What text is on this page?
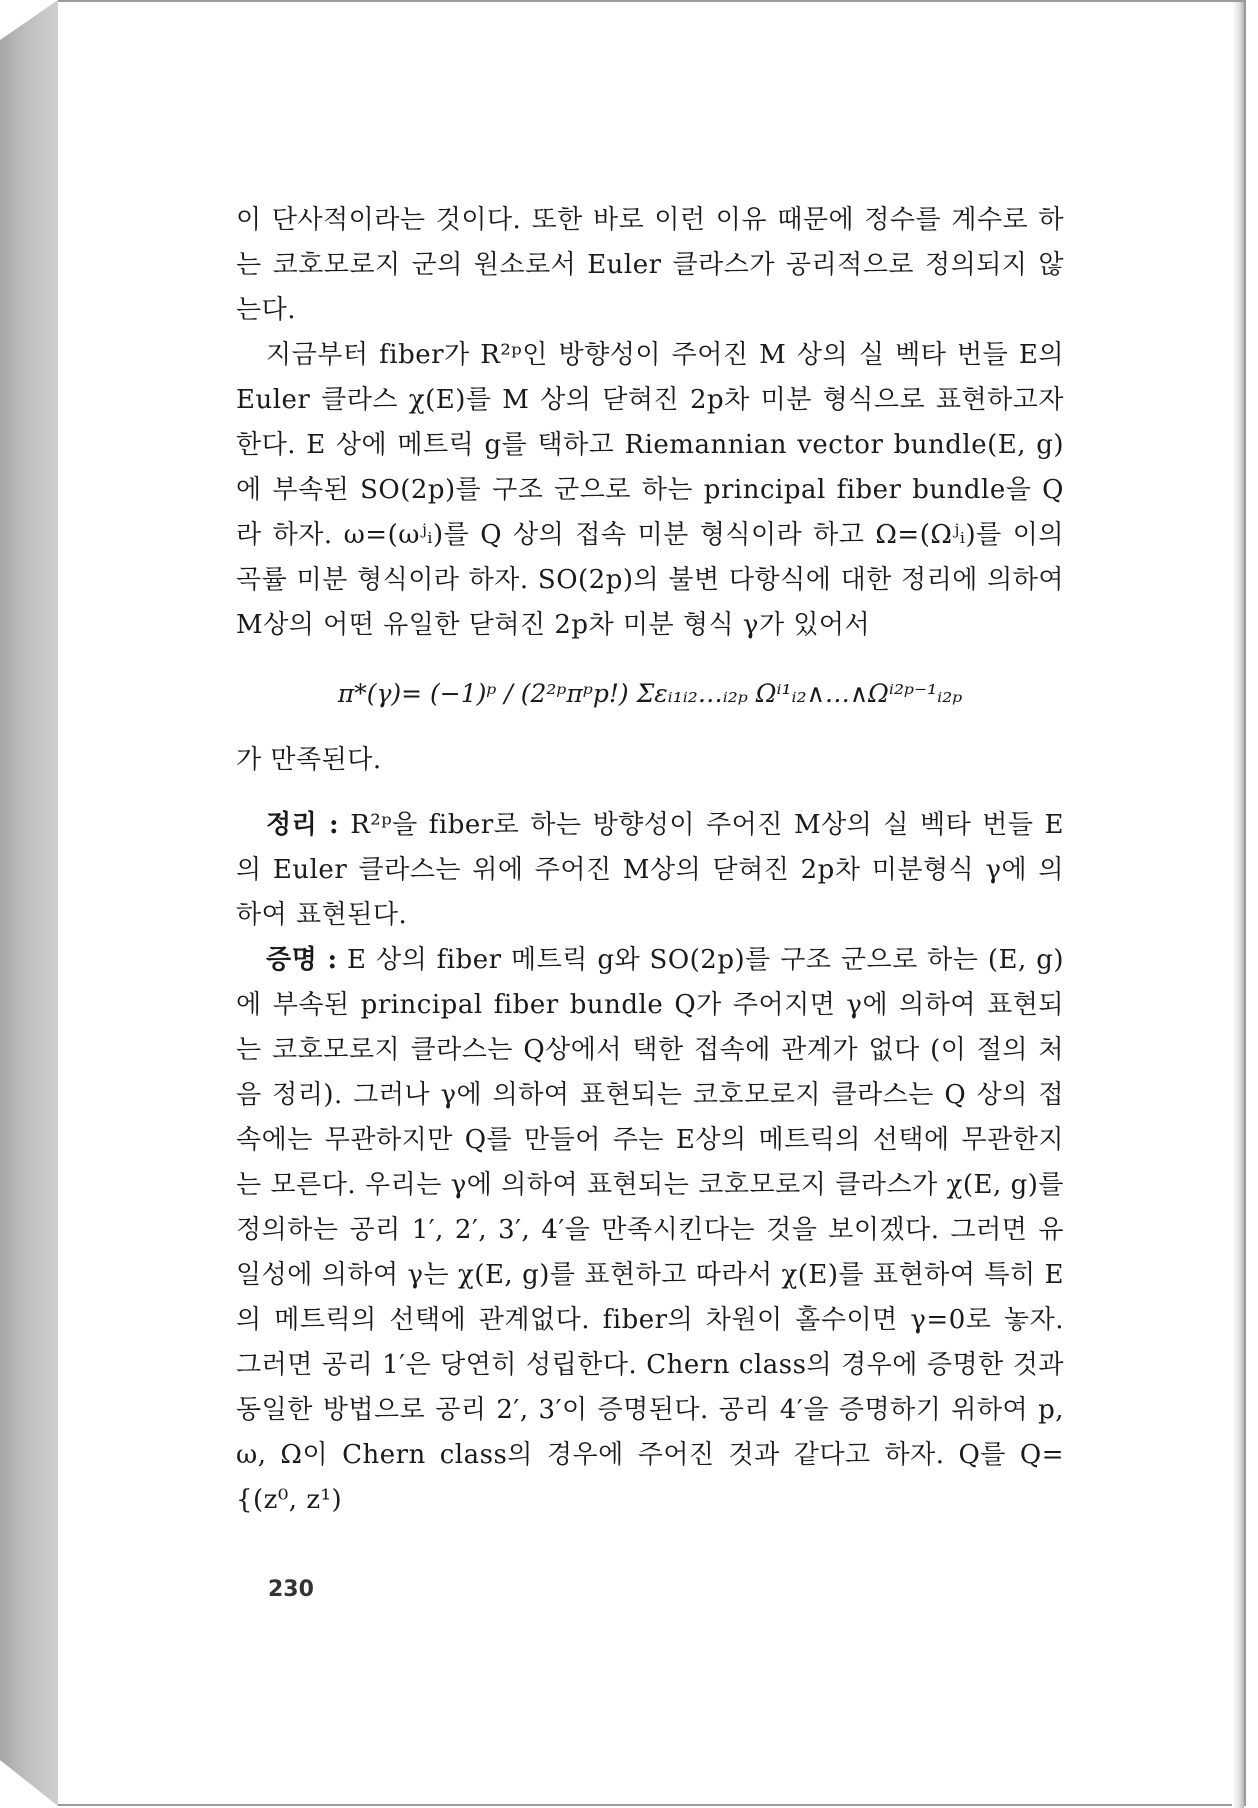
이 단사적이라는 것이다. 또한 바로 이런 이유 때문에 정수를 계수로 하는 코호모로지 군의 원소로서 Euler 클라스가 공리적으로 정의되지 않는다.

지금부터 fiber가 R²ᵖ인 방향성이 주어진 M 상의 실 벡타 번들 E의 Euler 클라스 χ(E)를 M 상의 닫혀진 2p차 미분 형식으로 표현하고자 한다. E 상에 메트릭 g를 택하고 Riemannian vector bundle(E, g)에 부속된 SO(2p)를 구조 군으로 하는 principal fiber bundle을 Q라 하자. ω=(ωʲᵢ)를 Q 상의 접속 미분 형식이라 하고 Ω=(Ωʲᵢ)를 이의 곡률 미분 형식이라 하자. SO(2p)의 불변 다항식에 대한 정리에 의하여 M상의 어떤 유일한 닫혀진 2p차 미분 형식 γ가 있어서

π*(γ)= (−1)ᵖ / (2²ᵖπᵖp!) Σεᵢ₁ᵢ₂…ᵢ₂ₚ Ωⁱ¹ᵢ₂∧…∧Ωⁱ²ᵖ⁻¹ᵢ₂ₚ

가 만족된다.

정리 : R²ᵖ을 fiber로 하는 방향성이 주어진 M상의 실 벡타 번들 E의 Euler 클라스는 위에 주어진 M상의 닫혀진 2p차 미분형식 γ에 의하여 표현된다.

증명 : E 상의 fiber 메트릭 g와 SO(2p)를 구조 군으로 하는 (E, g)에 부속된 principal fiber bundle Q가 주어지면 γ에 의하여 표현되는 코호모로지 클라스는 Q상에서 택한 접속에 관계가 없다 (이 절의 처음 정리). 그러나 γ에 의하여 표현되는 코호모로지 클라스는 Q 상의 접속에는 무관하지만 Q를 만들어 주는 E상의 메트릭의 선택에 무관한지는 모른다. 우리는 γ에 의하여 표현되는 코호모로지 클라스가 χ(E, g)를 정의하는 공리 1′, 2′, 3′, 4′을 만족시킨다는 것을 보이겠다. 그러면 유일성에 의하여 γ는 χ(E, g)를 표현하고 따라서 χ(E)를 표현하여 특히 E의 메트릭의 선택에 관계없다. fiber의 차원이 홀수이면 γ=0로 놓자. 그러면 공리 1′은 당연히 성립한다. Chern class의 경우에 증명한 것과 동일한 방법으로 공리 2′, 3′이 증명된다. 공리 4′을 증명하기 위하여 p, ω, Ω이 Chern class의 경우에 주어진 것과 같다고 하자. Q를 Q={(z⁰, z¹)

230
